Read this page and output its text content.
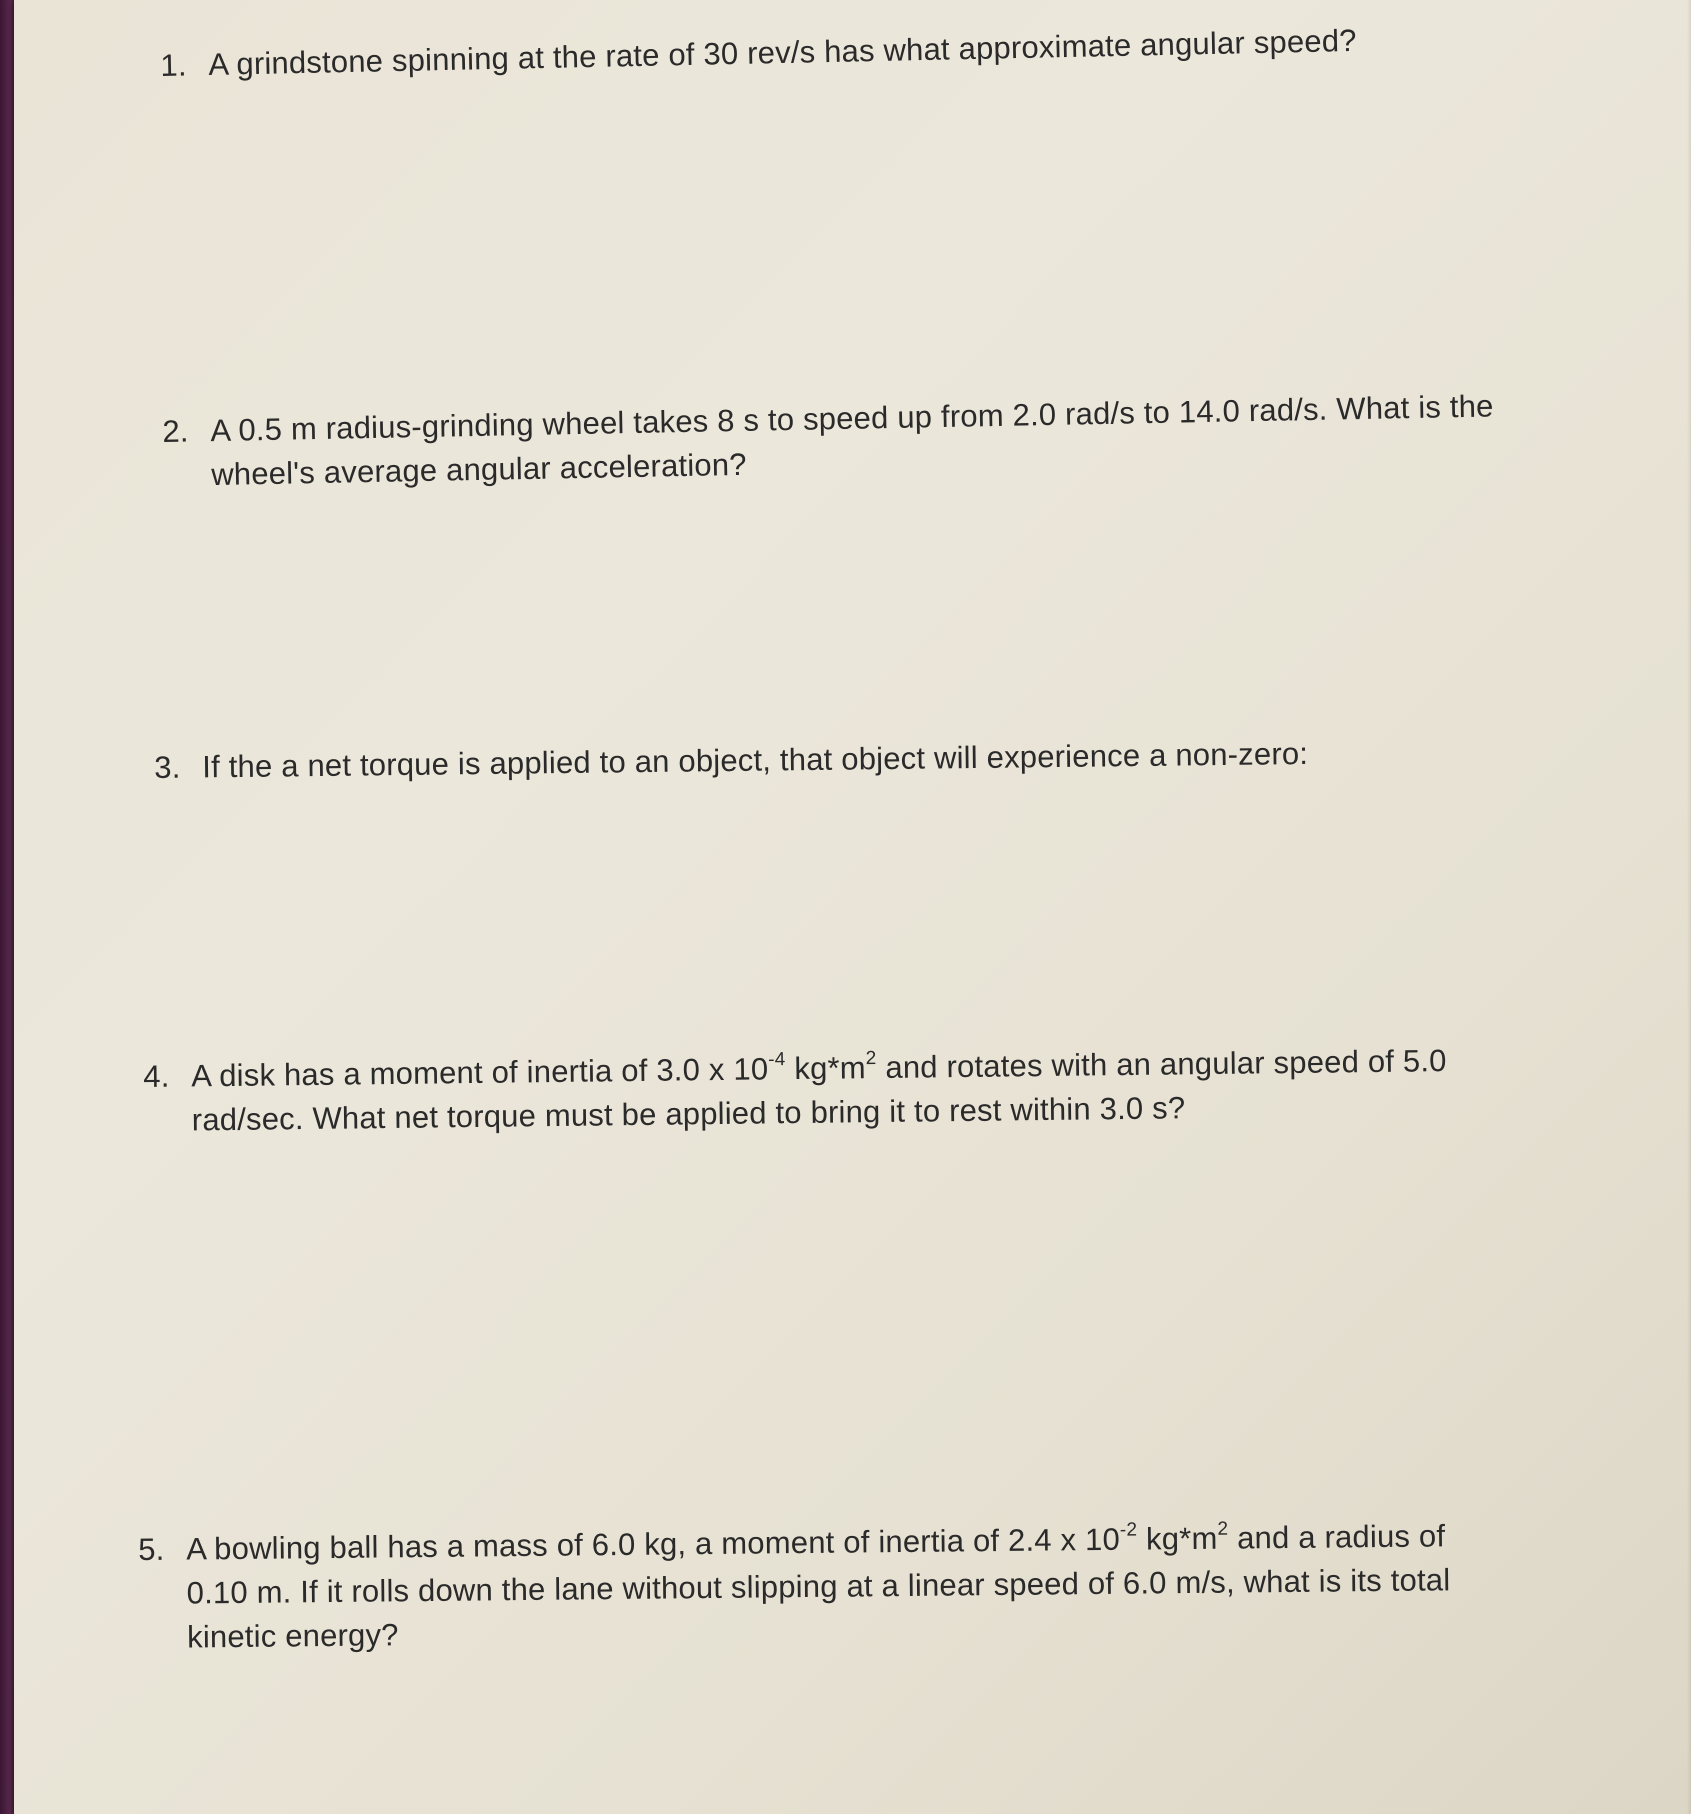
1. A grindstone spinning at the rate of 30 rev/s has what approximate angular speed?
2. A 0.5 m radius-grinding wheel takes 8 s to speed up from 2.0 rad/s to 14.0 rad/s. What is the
wheel's average angular acceleration?
3. If the a net torque is applied to an object, that object will experience a non-zero:
4. A disk has a moment of inertia of 3.0 x $10^{-4}$ $kg*m^2$ and rotates with an angular speed of 5.0
rad/sec. What net torque must be applied to bring it to rest within 3.0 s?
5. A bowling ball has a mass of 6.0 kg, a moment of inertia of 2.4 x $10^{-2}$ $kg*m^2$ and a radius of
0.10 m. If it rolls down the lane without slipping at a linear speed of 6.0 m/s, what is its total
kinetic energy?
